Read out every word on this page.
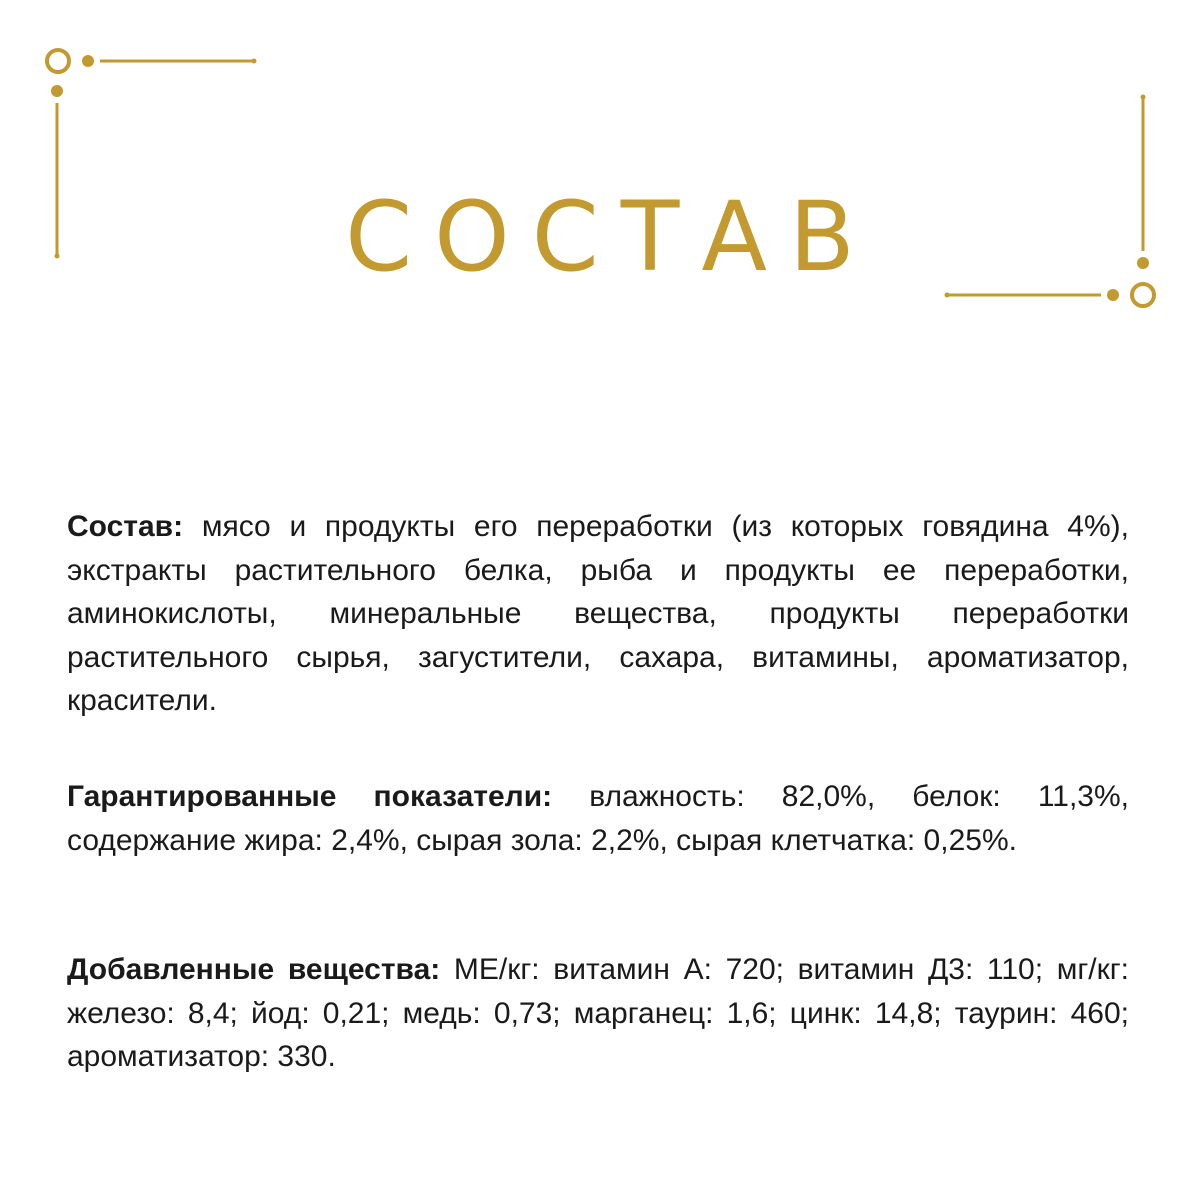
СОСТАВ

Состав: мясо и продукты его переработки (из которых говядина 4%), экстракты растительного белка, рыба и продукты ее переработки, аминокислоты, минеральные вещества, продукты переработки растительного сырья, загустители, сахара, витамины, ароматизатор, красители.

Гарантированные показатели: влажность: 82,0%, белок: 11,3%, содержание жира: 2,4%, сырая зола: 2,2%, сырая клетчатка: 0,25%.

Добавленные вещества: МЕ/кг: витамин А: 720; витамин Д3: 110; мг/кг: железо: 8,4; йод: 0,21; медь: 0,73; марганец: 1,6; цинк: 14,8; таурин: 460; ароматизатор: 330.
